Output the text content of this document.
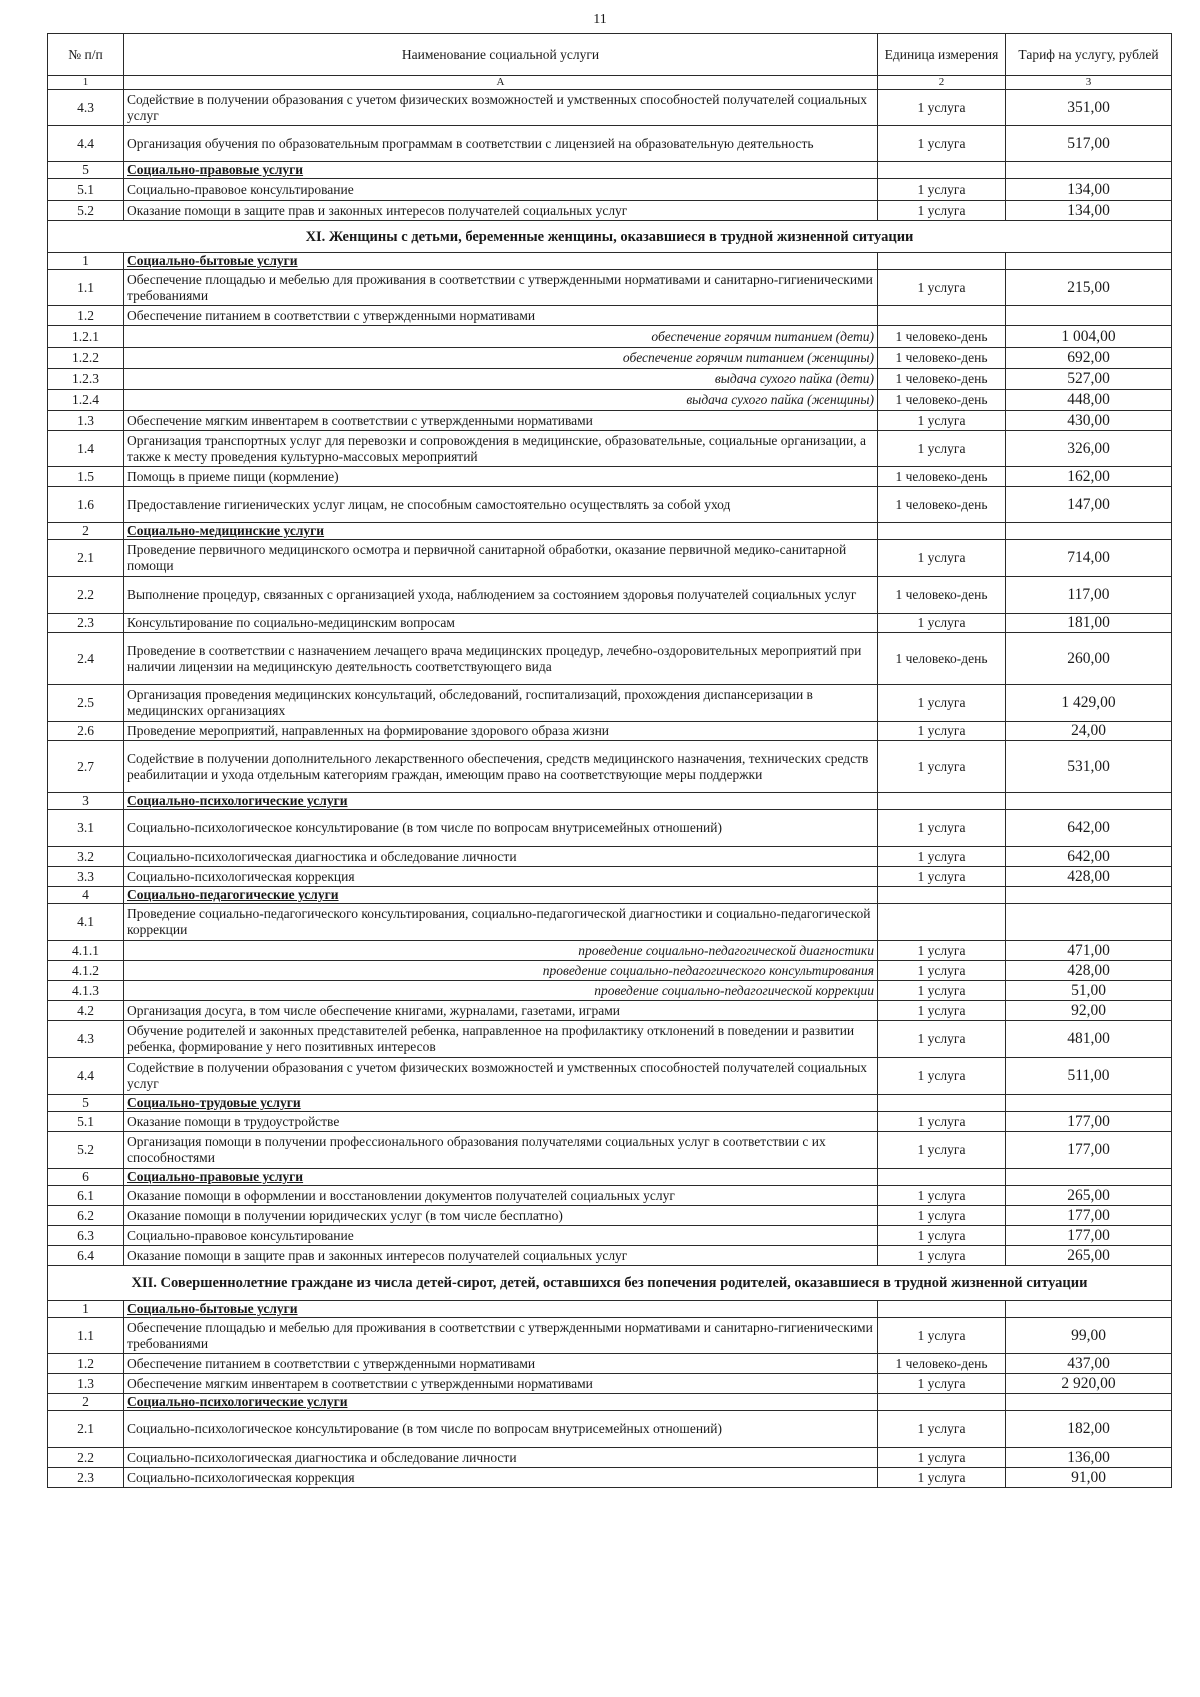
11
№ п/п	Наименование социальной услуги	Единица измерения	Тариф на услугу, рублей
1	А	2	3
4.3	Содействие в получении образования с учетом физических возможностей и умственных способностей получателей социальных услуг	1 услуга	351,00
4.4	Организация обучения по образовательным программам в соответствии с лицензией на образовательную деятельность	1 услуга	517,00
5	Социально-правовые услуги		
5.1	Социально-правовое консультирование	1 услуга	134,00
5.2	Оказание помощи в защите прав и законных интересов получателей социальных услуг	1 услуга	134,00
XI. Женщины с детьми, беременные женщины, оказавшиеся в трудной жизненной ситуации			
1	Социально-бытовые услуги		
1.1	Обеспечение площадью и мебелью для проживания в соответствии с утвержденными нормативами и санитарно-гигиеническими требованиями	1 услуга	215,00
1.2	Обеспечение питанием в соответствии с утвержденными нормативами		
1.2.1	обеспечение горячим питанием (дети)	1 человеко-день	1 004,00
1.2.2	обеспечение горячим питанием (женщины)	1 человеко-день	692,00
1.2.3	выдача сухого пайка (дети)	1 человеко-день	527,00
1.2.4	выдача сухого пайка (женщины)	1 человеко-день	448,00
1.3	Обеспечение мягким инвентарем в соответствии с утвержденными нормативами	1 услуга	430,00
1.4	Организация транспортных услуг для перевозки и сопровождения в медицинские, образовательные, социальные организации, а также к месту проведения культурно-массовых мероприятий	1 услуга	326,00
1.5	Помощь в приеме пищи (кормление)	1 человеко-день	162,00
1.6	Предоставление гигиенических услуг лицам, не способным самостоятельно осуществлять за собой уход	1 человеко-день	147,00
2	Социально-медицинские услуги		
2.1	Проведение первичного медицинского осмотра и первичной санитарной обработки, оказание первичной медико-санитарной помощи	1 услуга	714,00
2.2	Выполнение процедур, связанных с организацией ухода, наблюдением за состоянием здоровья получателей социальных услуг	1 человеко-день	117,00
2.3	Консультирование по социально-медицинским вопросам	1 услуга	181,00
2.4	Проведение в соответствии с назначением лечащего врача медицинских процедур, лечебно-оздоровительных мероприятий при наличии лицензии на медицинскую деятельность соответствующего вида	1 человеко-день	260,00
2.5	Организация проведения медицинских консультаций, обследований, госпитализаций, прохождения диспансеризации в медицинских организациях	1 услуга	1 429,00
2.6	Проведение мероприятий, направленных на формирование здорового образа жизни	1 услуга	24,00
2.7	Содействие в получении дополнительного лекарственного обеспечения, средств медицинского назначения, технических средств реабилитации и ухода отдельным категориям граждан, имеющим право на соответствующие меры поддержки	1 услуга	531,00
3	Социально-психологические услуги		
3.1	Социально-психологическое консультирование (в том числе по вопросам внутрисемейных отношений)	1 услуга	642,00
3.2	Социально-психологическая диагностика и обследование личности	1 услуга	642,00
3.3	Социально-психологическая коррекция	1 услуга	428,00
4	Социально-педагогические услуги		
4.1	Проведение социально-педагогического консультирования, социально-педагогической диагностики и социально-педагогической коррекции		
4.1.1	проведение социально-педагогической диагностики	1 услуга	471,00
4.1.2	проведение социально-педагогического консультирования	1 услуга	428,00
4.1.3	проведение социально-педагогической коррекции	1 услуга	51,00
4.2	Организация досуга, в том числе обеспечение книгами, журналами, газетами, играми	1 услуга	92,00
4.3	Обучение родителей и законных представителей ребенка, направленное на профилактику отклонений в поведении и развитии ребенка, формирование у него позитивных интересов	1 услуга	481,00
4.4	Содействие в получении образования с учетом физических возможностей и умственных способностей получателей социальных услуг	1 услуга	511,00
5	Социально-трудовые услуги		
5.1	Оказание помощи в трудоустройстве	1 услуга	177,00
5.2	Организация помощи в получении профессионального образования получателями социальных услуг в соответствии с их способностями	1 услуга	177,00
6	Социально-правовые услуги		
6.1	Оказание помощи в оформлении и восстановлении документов получателей социальных услуг	1 услуга	265,00
6.2	Оказание помощи в получении юридических услуг (в том числе бесплатно)	1 услуга	177,00
6.3	Социально-правовое консультирование	1 услуга	177,00
6.4	Оказание помощи в защите прав и законных интересов получателей социальных услуг	1 услуга	265,00
XII. Совершеннолетние граждане из числа детей-сирот, детей, оставшихся без попечения родителей, оказавшиеся в трудной жизненной ситуации			
1	Социально-бытовые услуги		
1.1	Обеспечение площадью и мебелью для проживания в соответствии с утвержденными нормативами и санитарно-гигиеническими требованиями	1 услуга	99,00
1.2	Обеспечение питанием в соответствии с утвержденными нормативами	1 человеко-день	437,00
1.3	Обеспечение мягким инвентарем в соответствии с утвержденными нормативами	1 услуга	2 920,00
2	Социально-психологические услуги		
2.1	Социально-психологическое консультирование (в том числе по вопросам внутрисемейных отношений)	1 услуга	182,00
2.2	Социально-психологическая диагностика и обследование личности	1 услуга	136,00
2.3	Социально-психологическая коррекция	1 услуга	91,00
